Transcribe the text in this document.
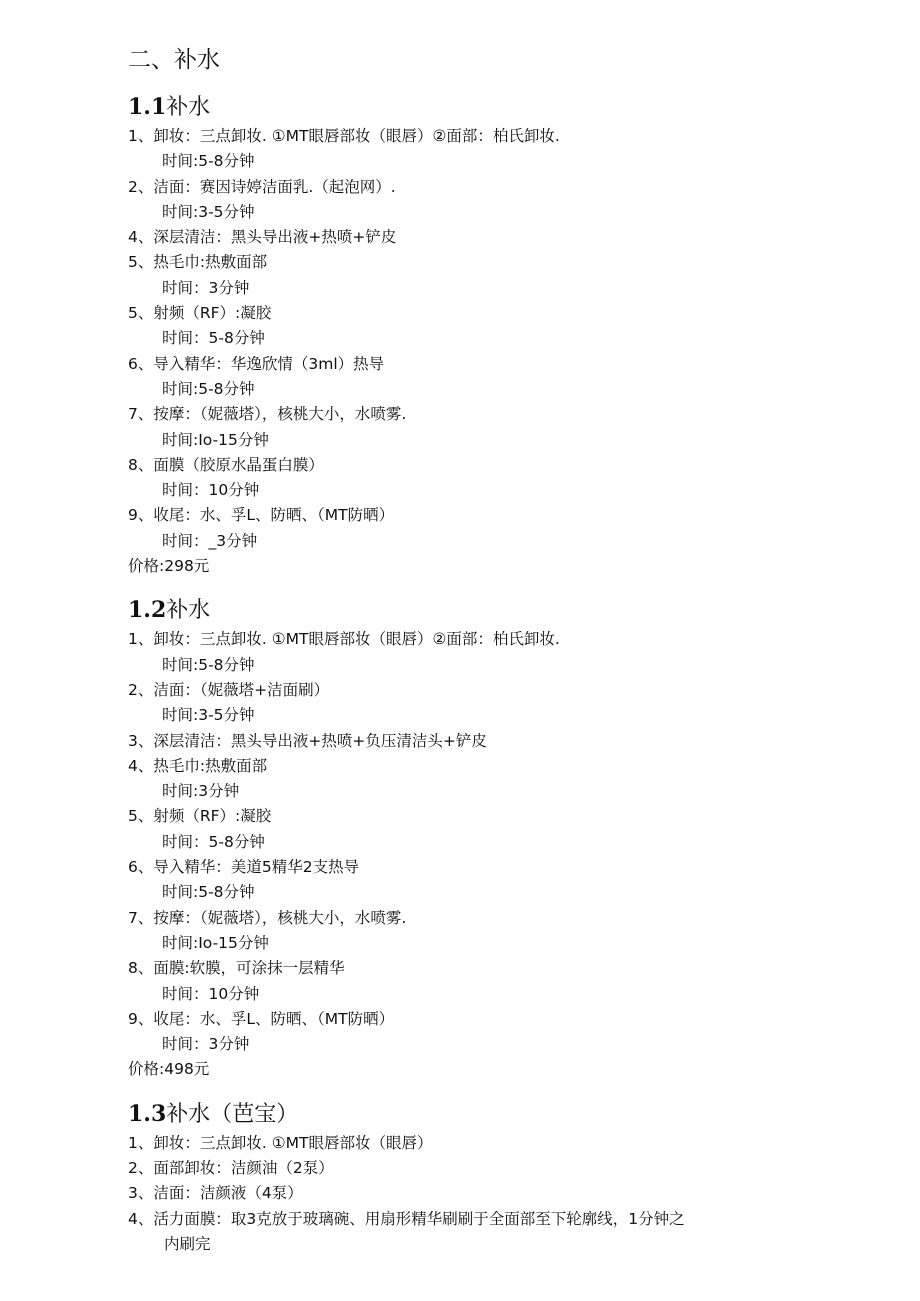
二、补水
1.1补水
1、卸妆：三点卸妆. ①MT眼唇部妆（眼唇）②面部：柏氏卸妆.
时间:5-8分钟
2、洁面：赛因诗婷洁面乳.（起泡网）.
时间:3-5分钟
4、深层清洁：黑头导出液+热喷+铲皮
5、热毛巾:热敷面部
时间：3分钟
5、射频（RF）:凝胶
时间：5-8分钟
6、导入精华：华逸欣情（3ml）热导
时间:5-8分钟
7、按摩：（妮薇塔），核桃大小，水喷雾.
时间:Io-15分钟
8、面膜（胶原水晶蛋白膜）
时间：10分钟
9、收尾：水、孚L、防晒、（MT防晒）
时间：_3分钟
价格:298元
1.2补水
1、卸妆：三点卸妆. ①MT眼唇部妆（眼唇）②面部：柏氏卸妆.
时间:5-8分钟
2、洁面：（妮薇塔+洁面刷）
时间:3-5分钟
3、深层清洁：黑头导出液+热喷+负压清洁头+铲皮
4、热毛巾:热敷面部
时间:3分钟
5、射频（RF）:凝胶
时间：5-8分钟
6、导入精华：美道5精华2支热导
时间:5-8分钟
7、按摩：（妮薇塔），核桃大小，水喷雾.
时间:Io-15分钟
8、面膜:软膜，可涂抹一层精华
时间：10分钟
9、收尾：水、孚L、防晒、（MT防晒）
时间：3分钟
价格:498元
1.3补水（芭宝）
1、卸妆：三点卸妆. ①MT眼唇部妆（眼唇）
2、面部卸妆：洁颜油（2泵）
3、洁面：洁颜液（4泵）
4、活力面膜：取3克放于玻璃碗、用扇形精华刷刷于全面部至下轮廓线，1分钟之
内刷完
